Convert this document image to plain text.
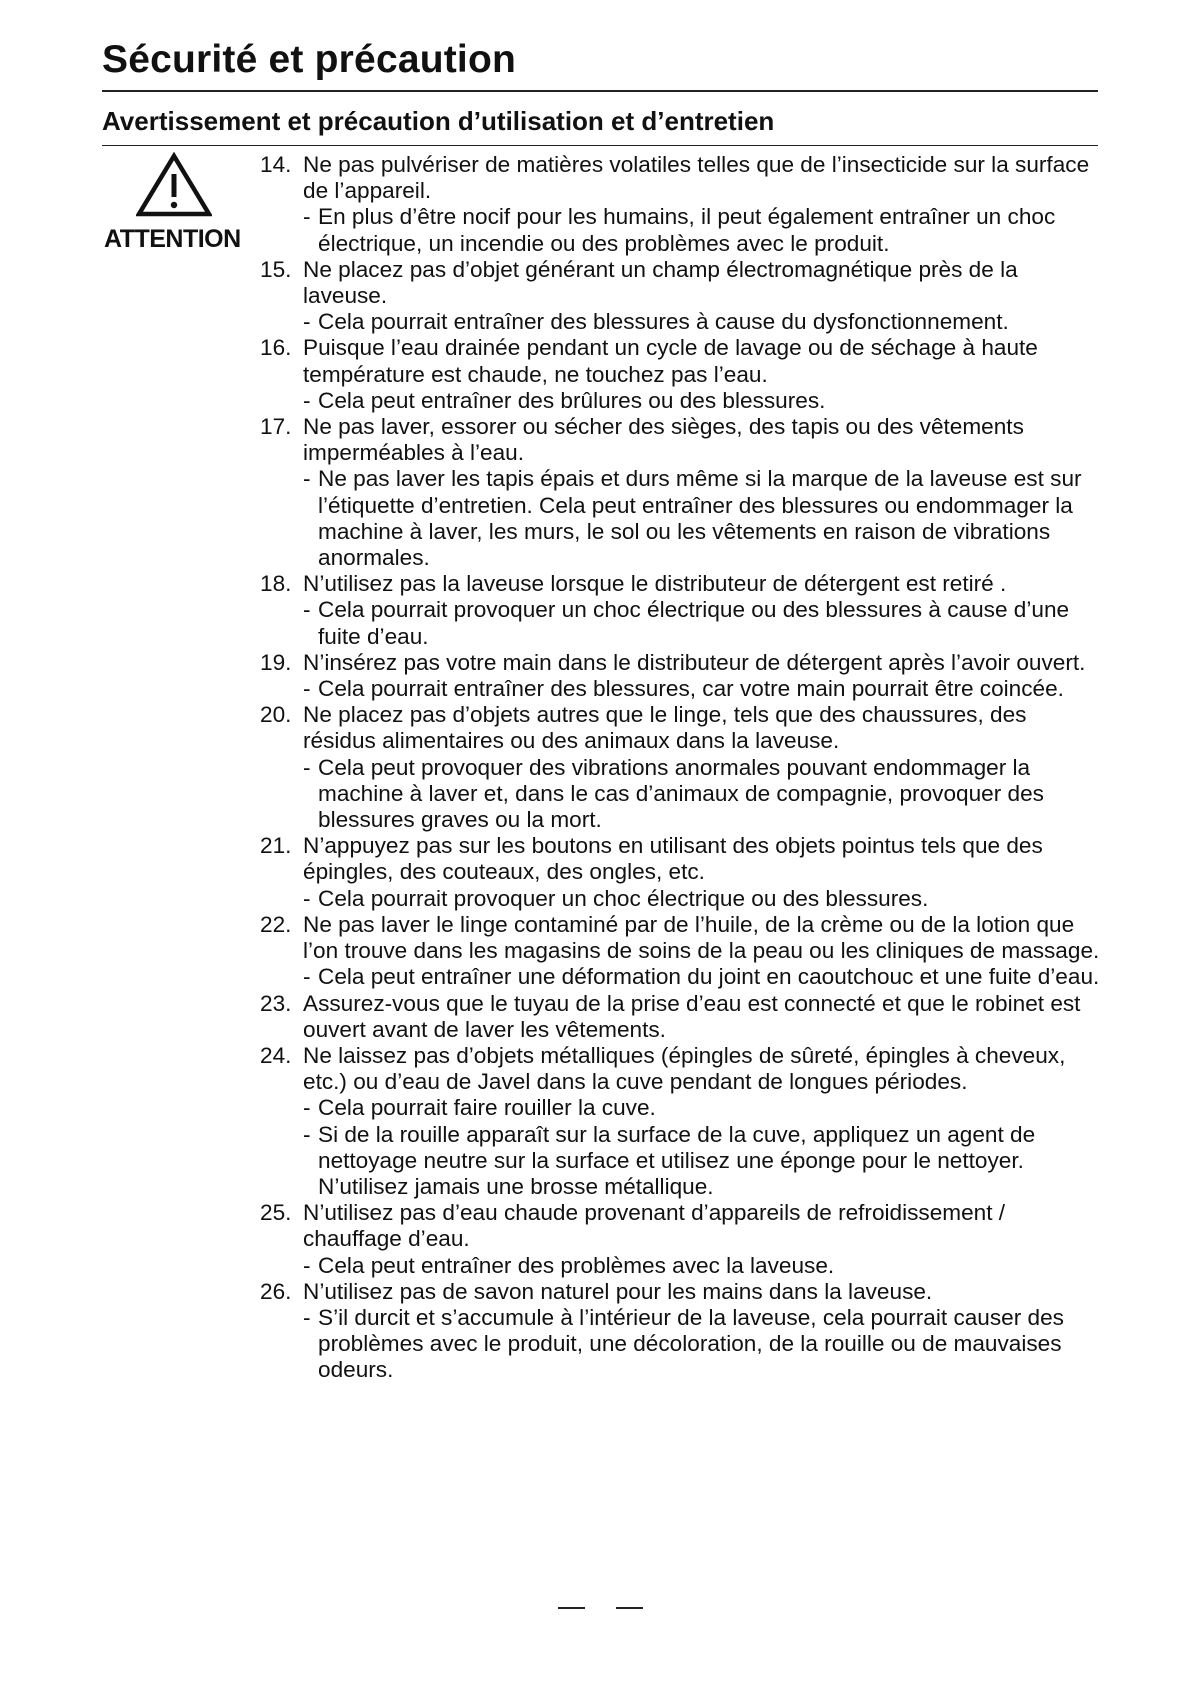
Sécurité et précaution
Avertissement et précaution d’utilisation et d’entretien
ATTENTION
14. Ne pas pulvériser de matières volatiles telles que de l’insecticide sur la surface de l’appareil.
- En plus d’être nocif pour les humains, il peut également entraîner un choc électrique, un incendie ou des problèmes avec le produit.
15. Ne placez pas d’objet générant un champ électromagnétique près de la laveuse.
- Cela pourrait entraîner des blessures à cause du dysfonctionnement.
16. Puisque l’eau drainée pendant un cycle de lavage ou de séchage à haute température est chaude, ne touchez pas l’eau.
- Cela peut entraîner des brûlures ou des blessures.
17. Ne pas laver, essorer ou sécher des sièges, des tapis ou des vêtements imperméables à l’eau.
- Ne pas laver les tapis épais et durs même si la marque de la laveuse est sur l’étiquette d’entretien. Cela peut entraîner des blessures ou endommager la machine à laver, les murs, le sol ou les vêtements en raison de vibrations anormales.
18. N’utilisez pas la laveuse lorsque le distributeur de détergent est retiré .
- Cela pourrait provoquer un choc électrique ou des blessures à cause d’une fuite d’eau.
19. N’insérez pas votre main dans le distributeur de détergent après l’avoir ouvert.
- Cela pourrait entraîner des blessures, car votre main pourrait être coincée.
20. Ne placez pas d’objets autres que le linge, tels que des chaussures, des résidus alimentaires ou des animaux dans la laveuse.
- Cela peut provoquer des vibrations anormales pouvant endommager la machine à laver et, dans le cas d’animaux de compagnie, provoquer des blessures graves ou la mort.
21. N’appuyez pas sur les boutons en utilisant des objets pointus tels que des épingles, des couteaux, des ongles, etc.
- Cela pourrait provoquer un choc électrique ou des blessures.
22. Ne pas laver le linge contaminé par de l’huile, de la crème ou de la lotion que l’on trouve dans les magasins de soins de la peau ou les cliniques de massage.
- Cela peut entraîner une déformation du joint en caoutchouc et une fuite d’eau.
23. Assurez-vous que le tuyau de la prise d’eau est connecté et que le robinet est ouvert avant de laver les vêtements.
24. Ne laissez pas d’objets métalliques (épingles de sûreté, épingles à cheveux, etc.) ou d’eau de Javel dans la cuve pendant de longues périodes.
- Cela pourrait faire rouiller la cuve.
- Si de la rouille apparaît sur la surface de la cuve, appliquez un agent de nettoyage neutre sur la surface et utilisez une éponge pour le nettoyer. N’utilisez jamais une brosse métallique.
25. N’utilisez pas d’eau chaude provenant d’appareils de refroidissement / chauffage d’eau.
- Cela peut entraîner des problèmes avec la laveuse.
26. N’utilisez pas de savon naturel pour les mains dans la laveuse.
- S’il durcit et s’accumule à l’intérieur de la laveuse, cela pourrait causer des problèmes avec le produit, une décoloration, de la rouille ou de mauvaises odeurs.
